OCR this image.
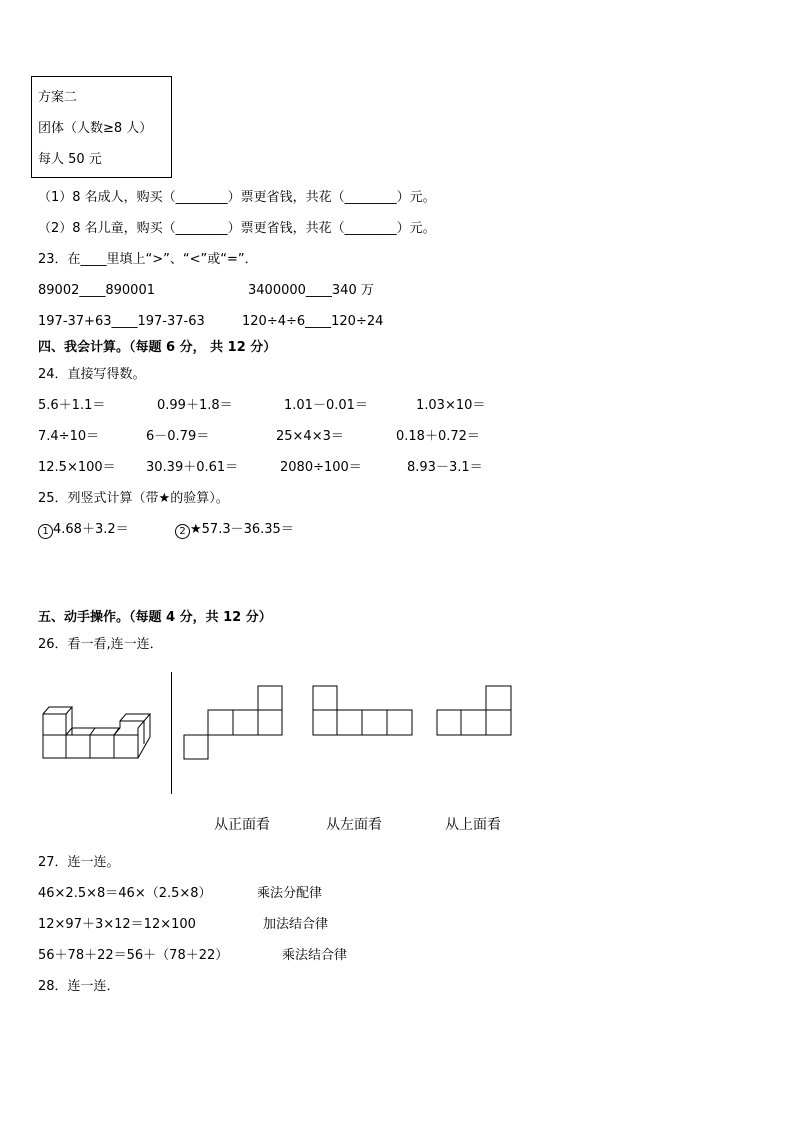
方案二
团体（人数≥8 人）
每人 50 元
（1）8 名成人，购买（________）票更省钱，共花（________）元。
（2）8 名儿童，购买（________）票更省钱，共花（________）元。
23．在____里填上“>”、“<”或“=”．
89002____890001	3400000____340 万
197-37+63____197-37-63	120÷4÷6____120÷24
四、我会计算。（每题 6 分， 共 12 分）
24．直接写得数。
5.6＋1.1＝	0.99＋1.8＝	1.01－0.01＝	1.03×10＝
7.4÷10＝	6－0.79＝	25×4×3＝	0.18＋0.72＝
12.5×100＝ 30.39＋0.61＝	2080÷100＝	8.93－3.1＝
25．列竖式计算（带★的验算）。
1 4.68＋3.2＝	2 ★57.3－36.35＝
五、动手操作。（每题 4 分，共 12 分）
26．看一看,连一连．
从正面看	从左面看	从上面看
27．连一连。
46×2.5×8＝46×（2.5×8）	乘法分配律
12×97＋3×12＝12×100	加法结合律
56＋78＋22＝56＋（78＋22）	乘法结合律
28．连一连．
